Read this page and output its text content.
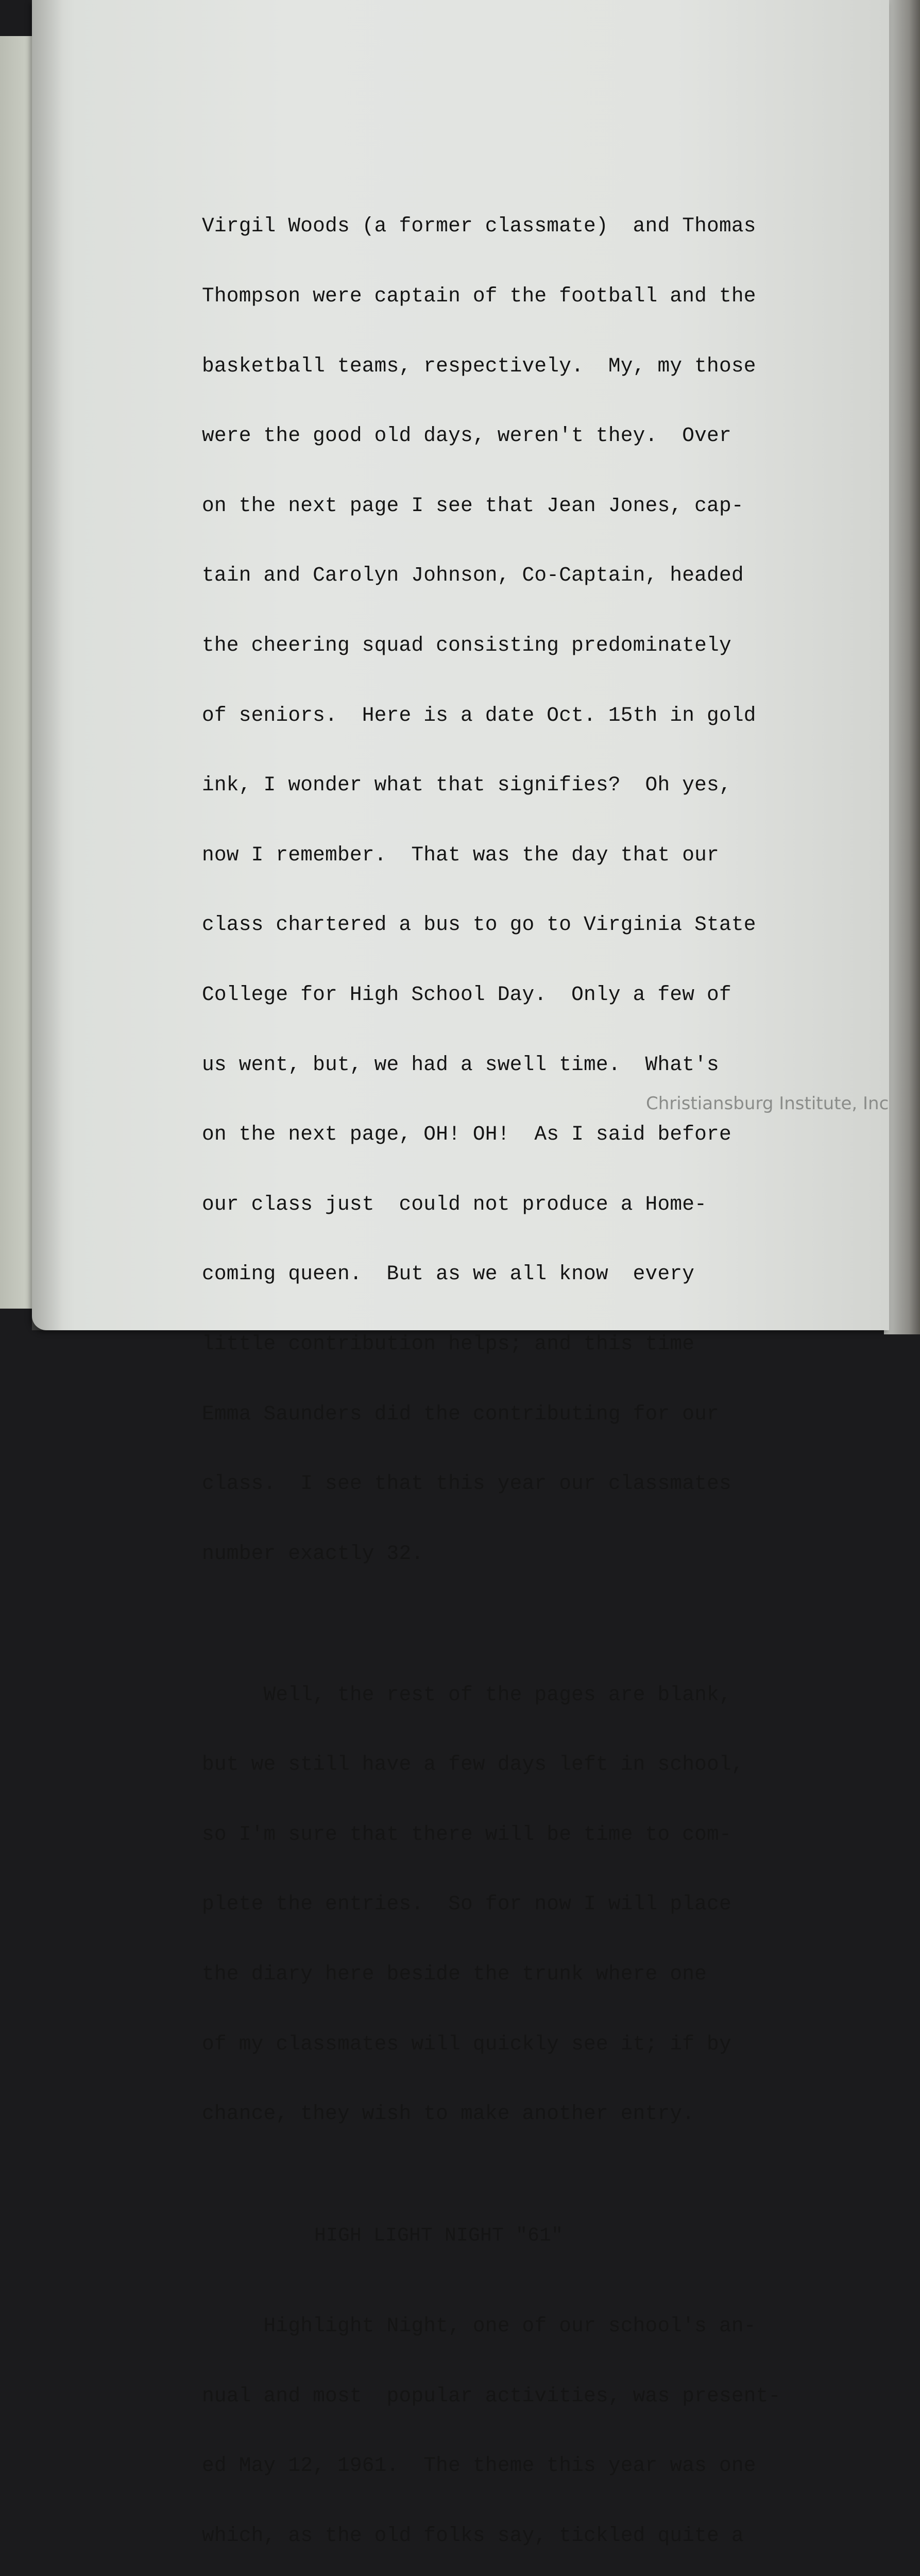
Virgil Woods (a former classmate)  and Thomas

Thompson were captain of the football and the

basketball teams, respectively.  My, my those

were the good old days, weren't they.  Over

on the next page I see that Jean Jones, cap-

tain and Carolyn Johnson, Co-Captain, headed

the cheering squad consisting predominately

of seniors.  Here is a date Oct. 15th in gold

ink, I wonder what that signifies?  Oh yes,

now I remember.  That was the day that our

class chartered a bus to go to Virginia State

College for High School Day.  Only a few of

us went, but, we had a swell time.  What's

on the next page, OH! OH!  As I said before

our class just  could not produce a Home-

coming queen.  But as we all know  every

little contribution helps; and this time

Emma Saunders did the contributing for our

class.  I see that this year our classmates

number exactly 32.

Well, the rest of the pages are blank,

but we still have a few days left in school,

so I'm sure that there will be time to com-

plete the entries.  So for now I will place

the diary here beside the trunk where one

of my classmates will quickly see it; if by

chance, they wish to make another entry.

HIGH LIGHT NIGHT "61"

Highlight Night, one of our school's an-

nual and most  popular activities, was present-

ed May 12, 1961.  The theme this year was one

which, as the old folks say, tickled quite a

Christiansburg Institute, Inc
